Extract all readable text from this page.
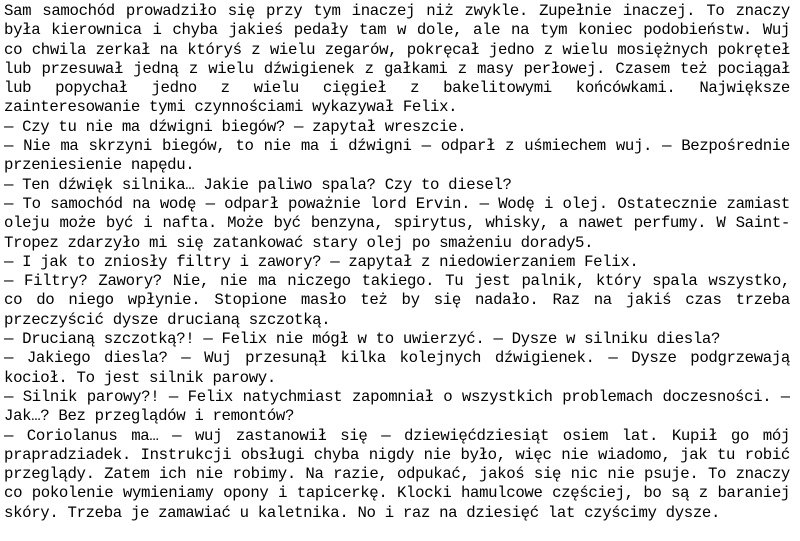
Sam samochód prowadziło się przy tym inaczej niż zwykle. Zupełnie inaczej. To znaczy była kierownica i chyba jakieś pedały tam w dole, ale na tym koniec podobieństw. Wuj co chwila zerkał na któryś z wielu zegarów, pokręcał jedno z wielu mosiężnych pokręteł lub przesuwał jedną z wielu dźwigienek z gałkami z masy perłowej. Czasem też pociągał lub popychał jedno z wielu cięgieł z bakelitowymi końcówkami. Największe zainteresowanie tymi czynnościami wykazywał Felix.

— Czy tu nie ma dźwigni biegów? — zapytał wreszcie.

— Nie ma skrzyni biegów, to nie ma i dźwigni — odparł z uśmiechem wuj. — Bezpośrednie przeniesienie napędu.

— Ten dźwięk silnika… Jakie paliwo spala? Czy to diesel?

— To samochód na wodę — odparł poważnie lord Ervin. — Wodę i olej. Ostatecznie zamiast oleju może być i nafta. Może być benzyna, spirytus, whisky, a nawet perfumy. W Saint-Tropez zdarzyło mi się zatankować stary olej po smażeniu dorady5.

— I jak to zniosły filtry i zawory? — zapytał z niedowierzaniem Felix.

— Filtry? Zawory? Nie, nie ma niczego takiego. Tu jest palnik, który spala wszystko, co do niego wpłynie. Stopione masło też by się nadało. Raz na jakiś czas trzeba przeczyścić dysze drucianą szczotką.

— Drucianą szczotką?! — Felix nie mógł w to uwierzyć. — Dysze w silniku diesla?

— Jakiego diesla? — Wuj przesunął kilka kolejnych dźwigienek. — Dysze podgrzewają kocioł. To jest silnik parowy.

— Silnik parowy?! — Felix natychmiast zapomniał o wszystkich problemach doczesności. — Jak…? Bez przeglądów i remontów?

— Coriolanus ma… — wuj zastanowił się — dziewięćdziesiąt osiem lat. Kupił go mój prapradziadek. Instrukcji obsługi chyba nigdy nie było, więc nie wiadomo, jak tu robić przeglądy. Zatem ich nie robimy. Na razie, odpukać, jakoś się nic nie psuje. To znaczy co pokolenie wymieniamy opony i tapicerkę. Klocki hamulcowe częściej, bo są z baraniej skóry. Trzeba je zamawiać u kaletnika. No i raz na dziesięć lat czyścimy dysze.
